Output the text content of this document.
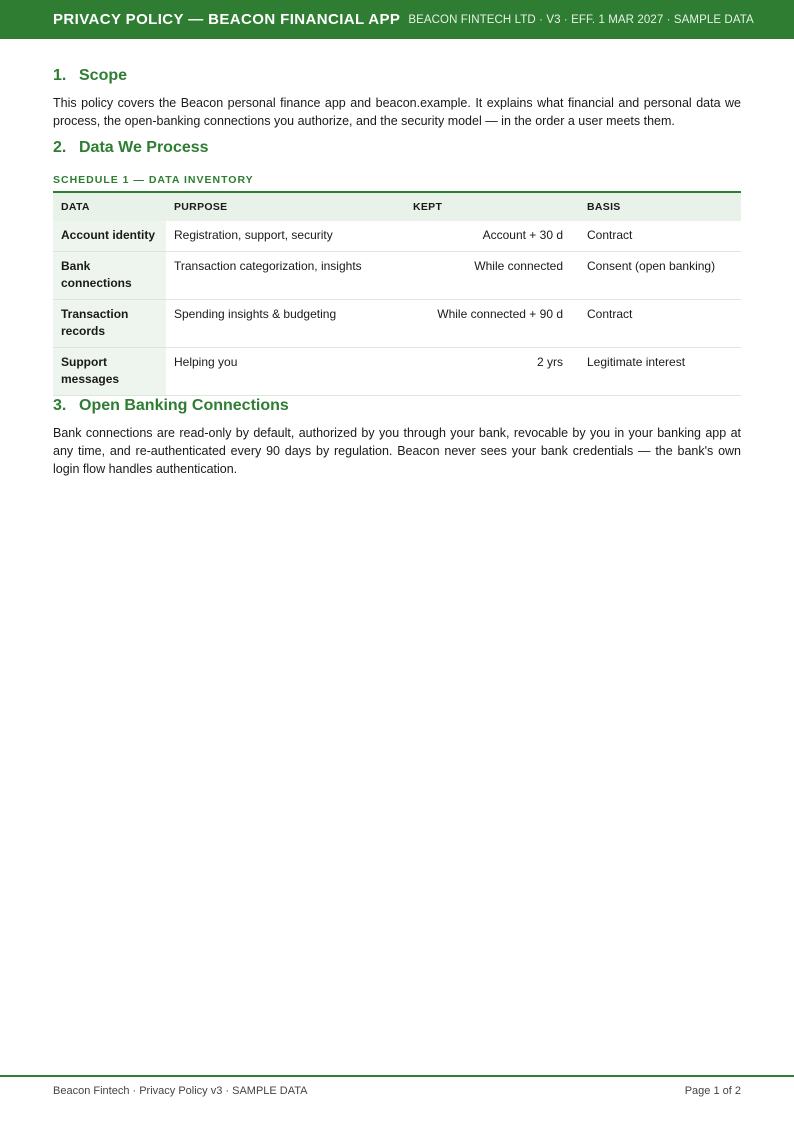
PRIVACY POLICY — BEACON FINANCIAL APP BEACON FINTECH LTD · V3 · EFF. 1 MAR 2027 · SAMPLE DATA
1. Scope

This policy covers the Beacon personal finance app and beacon.example. It explains what financial and personal data we process, the open-banking connections you authorize, and the security model — in the order a user meets them.

2. Data We Process
SCHEDULE 1 — DATA INVENTORY
DATA	PURPOSE	KEPT	BASIS
Account identity	Registration, support, security	Account + 30 d	Contract
Bank
connections	Transaction categorization, insights	While connected	Consent (open banking)
Transaction
records	Spending insights & budgeting	While connected + 90 d	Contract
Support
messages	Helping you	2 yrs	Legitimate interest
3. Open Banking Connections

Bank connections are read-only by default, authorized by you through your bank, revocable by you in your banking app at any time, and re-authenticated every 90 days by regulation. Beacon never sees your bank credentials — the bank's own login flow handles authentication.

Beacon Fintech · Privacy Policy v3 · SAMPLE DATA	Page 1 of 2
